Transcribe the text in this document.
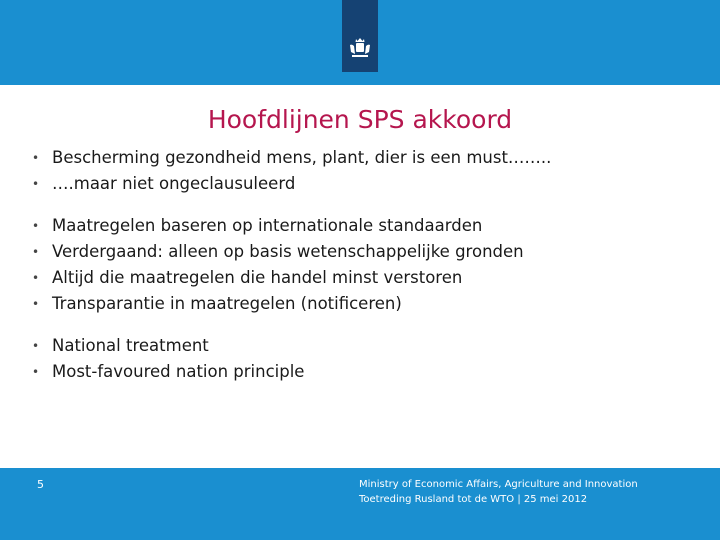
Hoofdlijnen SPS akkoord
• Bescherming gezondheid mens, plant, dier is een must……..
• ….maar niet ongeclausuleerd
• Maatregelen baseren op internationale standaarden
• Verdergaand: alleen op basis wetenschappelijke gronden
• Altijd die maatregelen die handel minst verstoren
• Transparantie in maatregelen (notificeren)
• National treatment
• Most-favoured nation principle
5	Ministry of Economic Affairs, Agriculture and Innovation
Toetreding Rusland tot de WTO | 25 mei 2012
